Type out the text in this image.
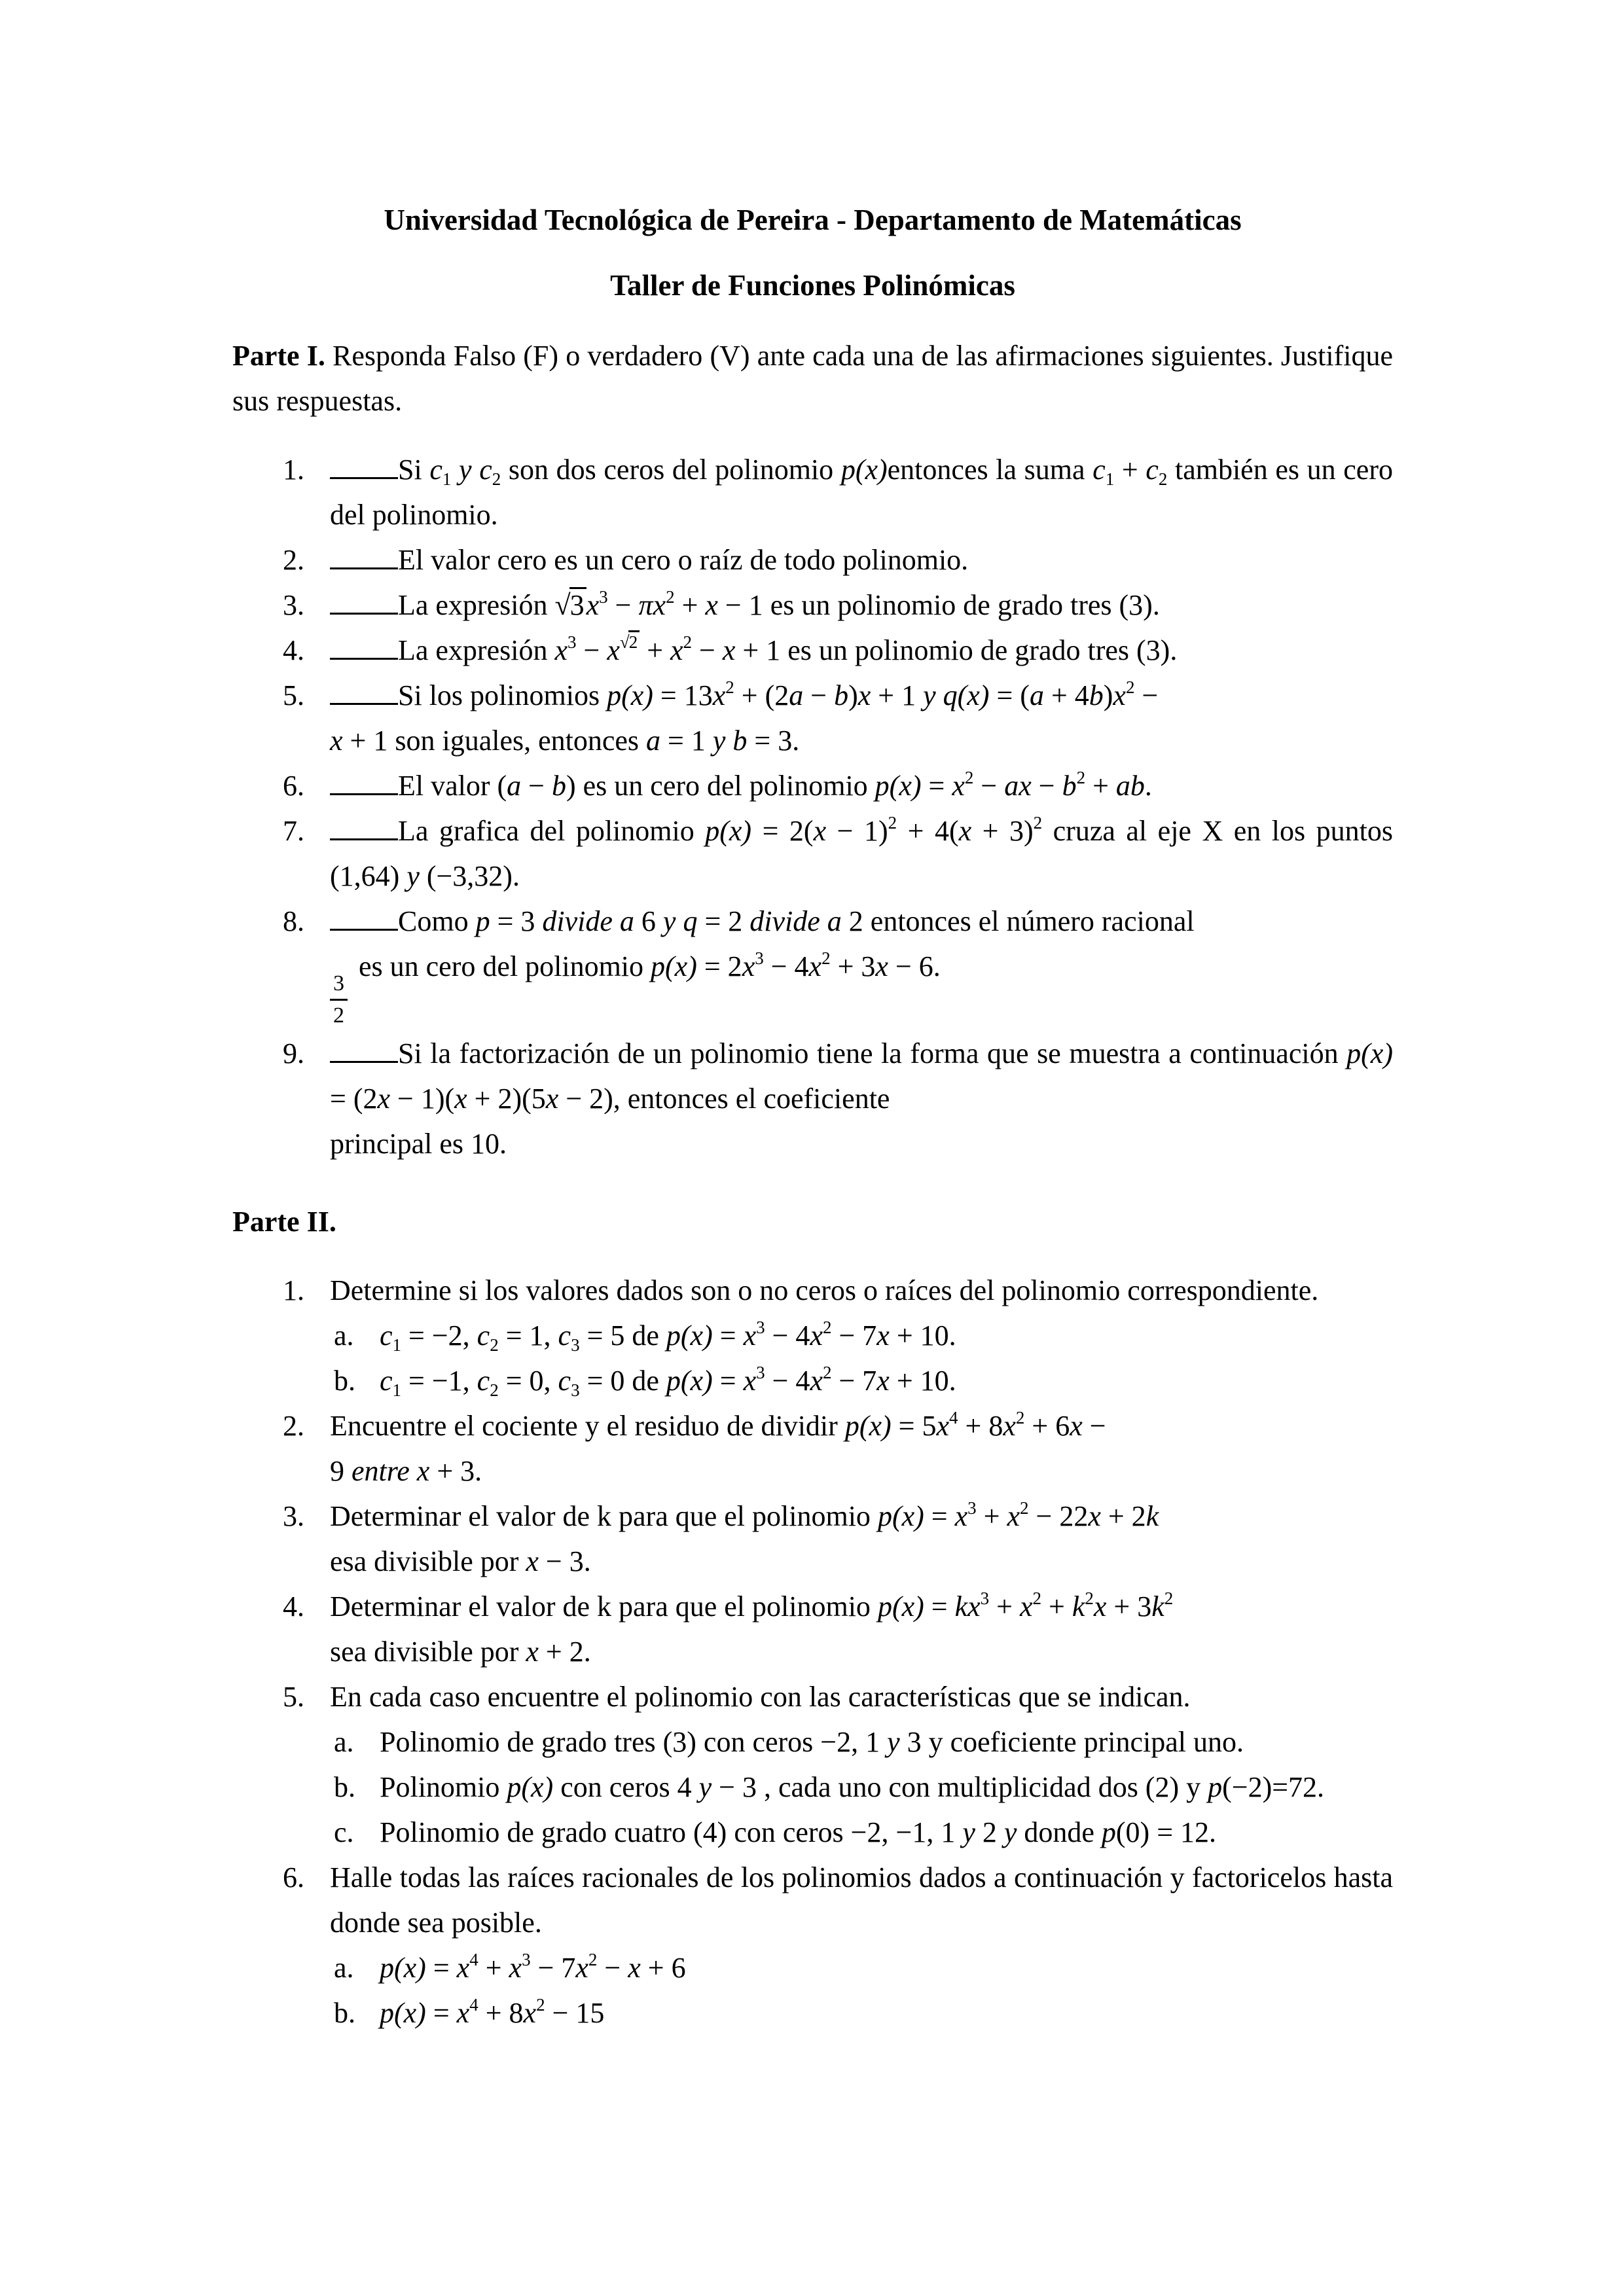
Universidad Tecnológica de Pereira - Departamento de Matemáticas
Taller de Funciones Polinómicas

Parte I. Responda Falso (F) o verdadero (V) ante cada una de las afirmaciones siguientes. Justifique sus respuestas.

1.	Si $c_1$ y $c_2$ son dos ceros del polinomio p(x)entonces la suma $c_1 + c_2$ también es un cero del polinomio.
2.	El valor cero es un cero o raíz de todo polinomio.
3.	La expresión $√3x^3 - \pi x^2 + x - 1$ es un polinomio de grado tres (3).
4.	La expresión $x^3 - x^{√2} + x^2 - x + 1$ es un polinomio de grado tres (3).
5.	Si los polinomios $p(x) = 13x^2 + (2a - b)x + 1$ y $q(x) = (a + 4b)x^2$ −
x + 1 son iguales, entonces a = 1 y b = 3.
6.	El valor (a − b) es un cero del polinomio $p(x) = x^2$ − ax − $b^2$ + ab.
7.	La grafica del polinomio $p(x) = 2(x - 1)^2 + 4(x + 3)^2$ cruza al eje X en los puntos (1,64) y (−3,32).
8.	Como p = 3 divide a 6 y q = 2 divide a 2 entonces el número racional

$\frac{3}{2}$
es un cero del polinomio $p(x) = 2x^3 - 4x^2 + 3x - 6$.
9.	Si la factorización de un polinomio tiene la forma que se muestra a continuación p(x) = (2x − 1)(x + 2)(5x − 2), entonces el coeficiente
principal es 10.

Parte II.

1. Determine si los valores dados son o no ceros o raíces del polinomio correspondiente.
a. $c_1 = -2$, $c_2 = 1$, $c_3 = 5$ de $p(x) = x^3 - 4x^2 - 7x + 10$.
b. $c_1 = -1$, $c_2 = 0$, $c_3 = 0$ de $p(x) = x^3 - 4x^2 - 7x + 10$.
2. Encuentre el cociente y el residuo de dividir $p(x) = 5x^4 + 8x^2 + 6x$ −
9 entre x + 3.
3. Determinar el valor de k para que el polinomio $p(x) = x^3 + x^2 - 22x + 2k$
esa divisible por x − 3.
4. Determinar el valor de k para que el polinomio $p(x) = kx^3 + x^2 + k^2x + 3k^2$
sea divisible por x + 2.
5. En cada caso encuentre el polinomio con las características que se indican.
a. Polinomio de grado tres (3) con ceros −2, 1 y 3 y coeficiente principal uno.
b. Polinomio p(x) con ceros 4 y − 3 , cada uno con multiplicidad dos (2) y p(−2)=72.
c. Polinomio de grado cuatro (4) con ceros −2, −1, 1 y 2 y donde p(0) = 12.
6. Halle todas las raíces racionales de los polinomios dados a continuación y factoricelos hasta donde sea posible.
a. $p(x) = x^4 + x^3 - 7x^2 - x + 6$
b. $p(x) = x^4 + 8x^2 - 15$
